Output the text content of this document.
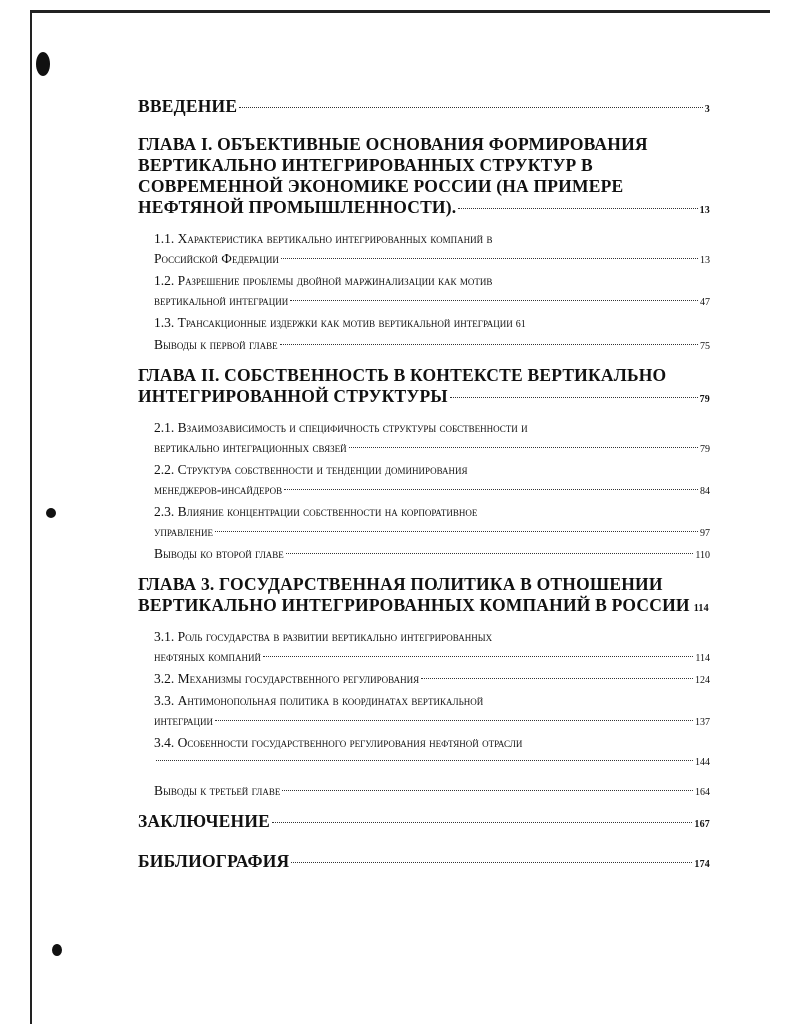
ВВЕДЕНИЕ	3
ГЛАВА I. ОБЪЕКТИВНЫЕ ОСНОВАНИЯ ФОРМИРОВАНИЯ
ВЕРТИКАЛЬНО ИНТЕГРИРОВАННЫХ СТРУКТУР В
СОВРЕМЕННОЙ ЭКОНОМИКЕ РОССИИ (НА ПРИМЕРЕ
НЕФТЯНОЙ ПРОМЫШЛЕННОСТИ).	13
1.1. Характеристика вертикально интегрированных компаний в
Российской Федерации	13
1.2. Разрешение проблемы двойной маржинализации как мотив
вертикальной интеграции	47
1.3. Трансакционные издержки как мотив вертикальной интеграции 61
Выводы к первой главе	75
ГЛАВА II. СОБСТВЕННОСТЬ В КОНТЕКСТЕ ВЕРТИКАЛЬНО
ИНТЕГРИРОВАННОЙ СТРУКТУРЫ	79
2.1. Взаимозависимость и специфичность структуры собственности и
вертикально интеграционных связей	79
2.2. Структура собственности и тенденции доминирования
менеджеров-инсайдеров	84
2.3. Влияние концентрации собственности на корпоративное
управление	97
Выводы ко второй главе	110
ГЛАВА 3. ГОСУДАРСТВЕННАЯ ПОЛИТИКА В ОТНОШЕНИИ
ВЕРТИКАЛЬНО ИНТЕГРИРОВАННЫХ КОМПАНИЙ В РОССИИ 114
3.1. Роль государства в развитии вертикально интегрированных
нефтяных компаний	114
3.2. Механизмы государственного регулирования	124
3.3. Антимонопольная политика в координатах вертикальной
интеграции	137
3.4. Особенности государственного регулирования нефтяной отрасли
144
Выводы к третьей главе	164
ЗАКЛЮЧЕНИЕ	167
БИБЛИОГРАФИЯ	174
